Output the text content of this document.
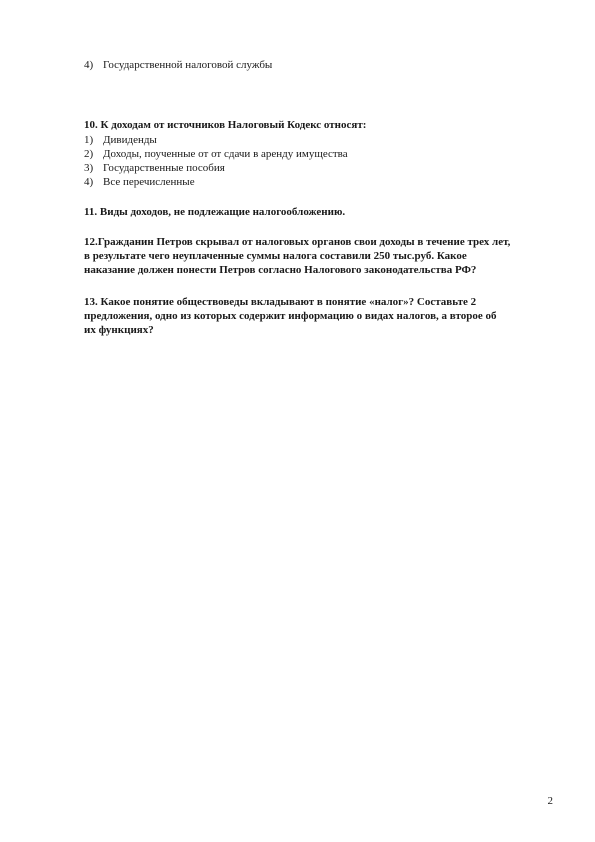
4) Государственной налоговой службы
10. К доходам от источников Налоговый Кодекс относят:
1) Дивиденды
2) Доходы, поученные от от сдачи в аренду имущества
3) Государственные пособия
4) Все перечисленные
11. Виды доходов, не подлежащие налогообложению.
12.Гражданин Петров скрывал от налоговых органов свои доходы в течение трех лет,
в результате чего неуплаченные суммы налога составили 250 тыс.руб. Какое
наказание должен понести Петров согласно Налогового законодательства РФ?
13. Какое понятие обществоведы вкладывают в понятие «налог»? Составьте 2
предложения, одно из которых содержит информацию о видах налогов, а второе об
их функциях?
2
